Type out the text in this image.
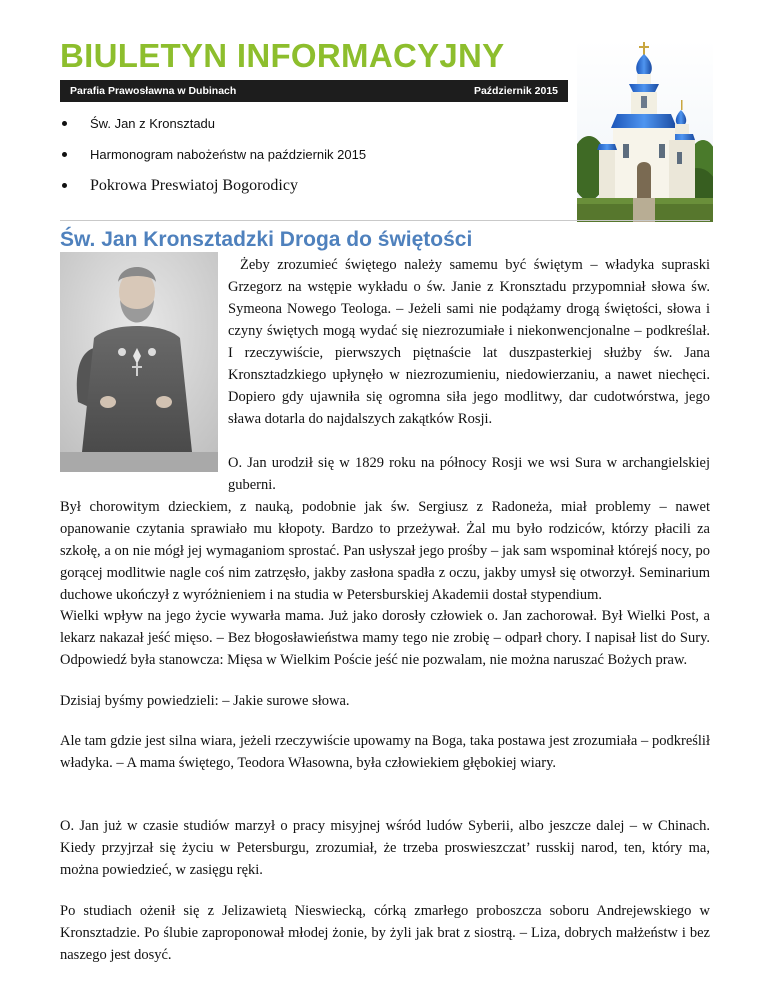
BIULETYN INFORMACYJNY
Parafia Prawosławna w Dubinach	Październik 2015
Św. Jan z Kronsztadu
Harmonogram nabożeństw na październik 2015
Pokrowa Preswiatoj Bogorodicy
Św. Jan Kronsztadzki Droga do świętości

Żeby zrozumieć świętego należy samemu być świętym – władyka supraski Grzegorz na wstępie wykładu o św. Janie z Kronsztadu przypomniał słowa św. Symeona Nowego Teologa. – Jeżeli sami nie podążamy drogą świętości, słowa i czyny świętych mogą wydać się niezrozumiałe i niekonwencjonalne – podkreślał. I rzeczywiście, pierwszych piętnaście lat duszpasterkiej służby św. Jana Kronsztadzkiego upłynęło w niezrozumieniu, niedowierzaniu, a nawet niechęci. Dopiero gdy ujawniła się ogromna siła jego modlitwy, dar cudotwórstwa, jego sława dotarla do najdalszych zakątków Rosji.

O. Jan urodził się w 1829 roku na północy Rosji we wsi Sura w archangielskiej guberni.

Był chorowitym dzieckiem, z nauką, podobnie jak św. Sergiusz z Radoneża, miał problemy – nawet opanowanie czytania sprawiało mu kłopoty. Bardzo to przeżywał. Żal mu było rodziców, którzy płacili za szkołę, a on nie mógł jej wymaganiom sprostać. Pan usłyszał jego prośby – jak sam wspominał którejś nocy, po gorącej modlitwie nagle coś nim zatrzęsło, jakby zasłona spadła z oczu, jakby umysł się otworzył. Seminarium duchowe ukończył z wyróżnieniem i na studia w Petersburskiej Akademii dostał stypendium.

Wielki wpływ na jego życie wywarła mama. Już jako dorosły człowiek o. Jan zachorował. Był Wielki Post, a lekarz nakazał jeść mięso. – Bez błogosławieństwa mamy tego nie zrobię – odparł chory. I napisał list do Sury. Odpowiedź była stanowcza: Mięsa w Wielkim Poście jeść nie pozwalam, nie można naruszać Bożych praw.

Dzisiaj byśmy powiedzieli: – Jakie surowe słowa.

Ale tam gdzie jest silna wiara, jeżeli rzeczywiście upowamy na Boga, taka postawa jest zrozumiała – podkreślił władyka. – A mama świętego, Teodora Własowna, była człowiekiem głębokiej wiary.

O. Jan już w czasie studiów marzył o pracy misyjnej wśród ludów Syberii, albo jeszcze dalej – w Chinach. Kiedy przyjrzał się życiu w Petersburgu, zrozumiał, że trzeba proswieszczat’ russkij narod, ten, który ma, można powiedzieć, w zasięgu ręki.

Po studiach ożenił się z Jelizawietą Nieswiecką, córką zmarłego proboszcza soboru Andrejewskiego w Kronsztadzie. Po ślubie zaproponował młodej żonie, by żyli jak brat z siostrą. – Liza, dobrych małżeństw i bez naszego jest dosyć.
